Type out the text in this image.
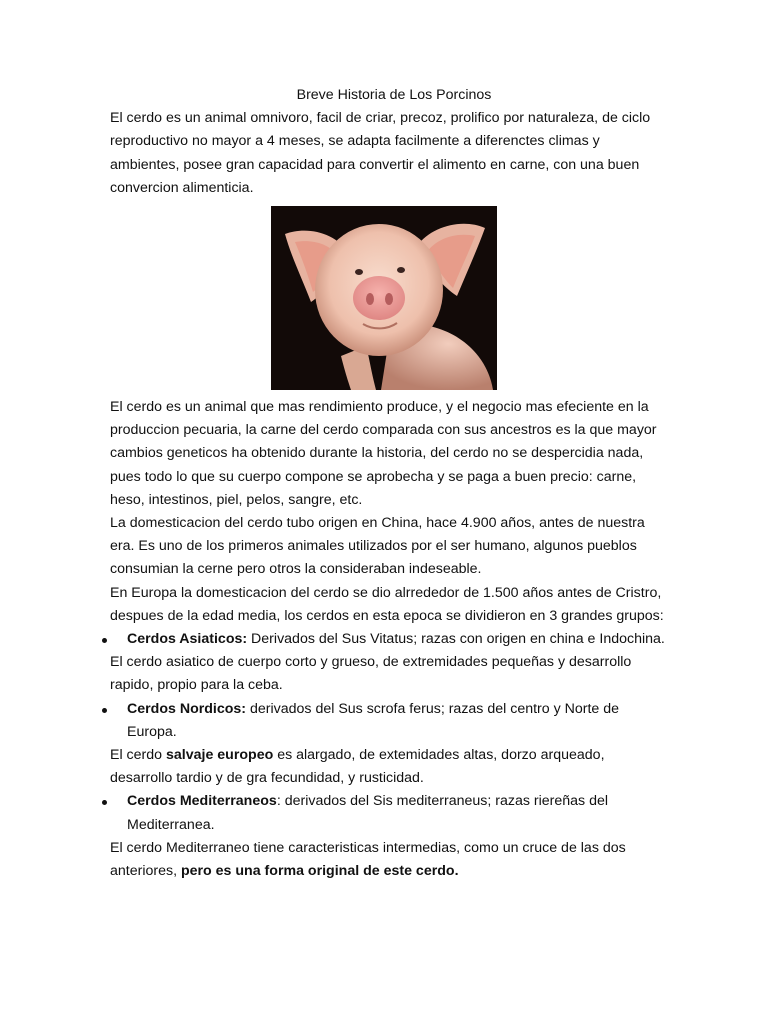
Breve Historia de Los Porcinos

El cerdo es un animal omnivoro, facil de criar, precoz, prolifico por naturaleza, de ciclo reproductivo no mayor a 4 meses, se adapta facilmente a diferenctes climas y ambientes, posee gran capacidad para convertir el alimento en carne, con una buen convercion alimenticia.

El cerdo es un animal que mas rendimiento produce, y el negocio mas efeciente en la produccion pecuaria, la carne del cerdo comparada con sus ancestros es la que mayor cambios geneticos ha obtenido durante la historia, del cerdo no se despercidia nada, pues todo lo que su cuerpo compone se aprobecha y se paga a buen precio: carne, heso, intestinos, piel, pelos, sangre, etc.

La domesticacion del cerdo tubo origen en China, hace 4.900 años, antes de nuestra era. Es uno de los primeros animales utilizados por el ser humano, algunos pueblos consumian la cerne pero otros la consideraban indeseable.

En Europa la domesticacion del cerdo se dio alrrededor de 1.500 años antes de Cristro, despues de la edad media, los cerdos en esta epoca se dividieron en 3 grandes grupos:

Cerdos Asiaticos: Derivados del Sus Vitatus; razas con origen en china e Indochina.

El cerdo asiatico de cuerpo corto y grueso, de extremidades pequeñas y desarrollo rapido, propio para la ceba.

Cerdos Nordicos: derivados del Sus scrofa ferus; razas del centro y Norte de Europa.

El cerdo salvaje europeo es alargado, de extemidades altas, dorzo arqueado, desarrollo tardio y de gra fecundidad, y rusticidad.

Cerdos Mediterraneos: derivados del Sis mediterraneus; razas riereñas del Mediterranea.

El cerdo Mediterraneo tiene caracteristicas intermedias, como un cruce de las dos anteriores, pero es una forma original de este cerdo.
